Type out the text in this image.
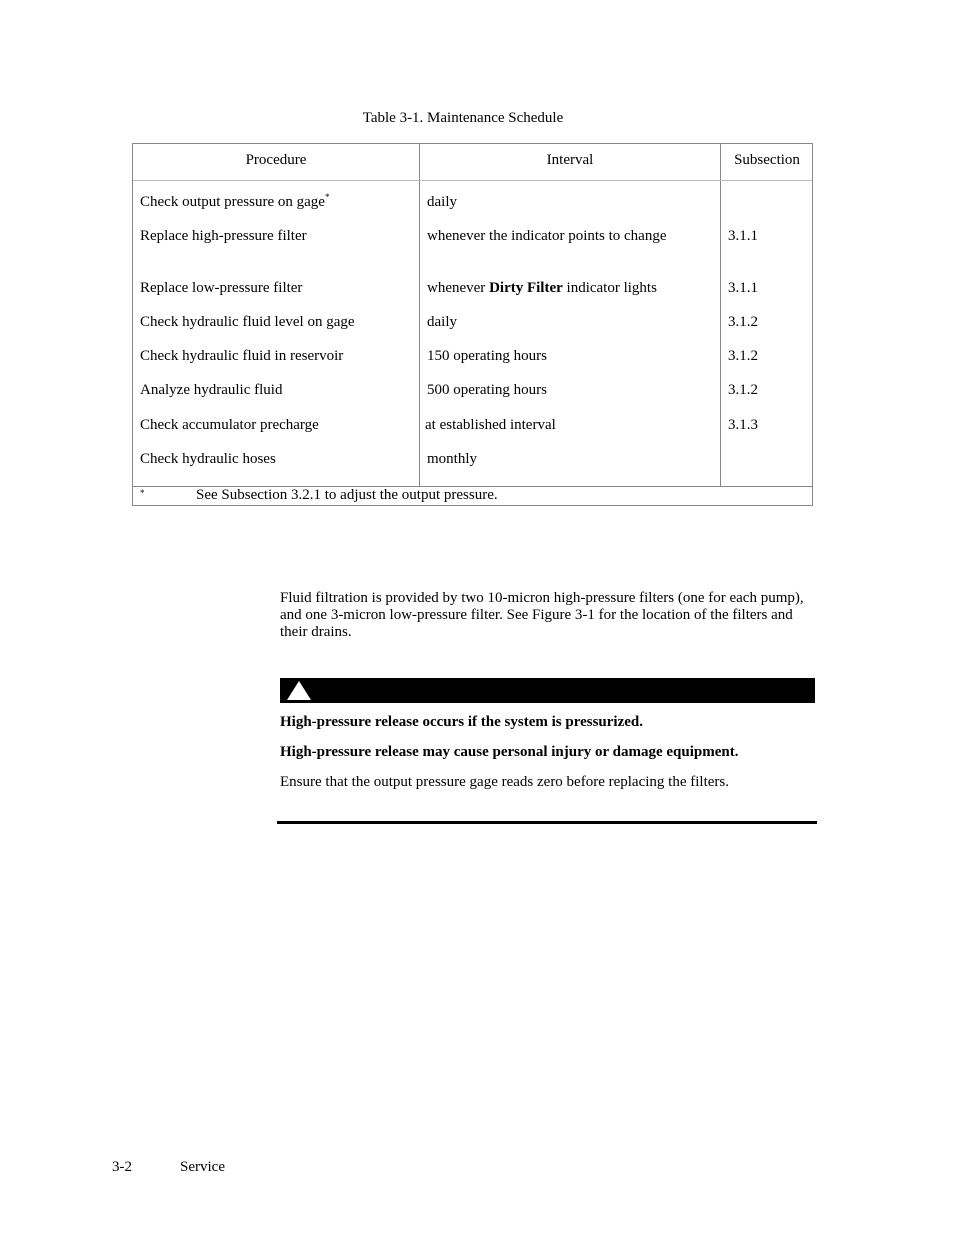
Table 3-1. Maintenance Schedule
Procedure	Interval	Subsection
Check output pressure on gage*	daily
Replace high-pressure filter	whenever the indicator points to change	3.1.1
Replace low-pressure filter	whenever Dirty Filter indicator lights	3.1.1
Check hydraulic fluid level on gage	daily	3.1.2
Check hydraulic fluid in reservoir	150 operating hours	3.1.2
Analyze hydraulic fluid	500 operating hours	3.1.2
Check accumulator precharge	at established interval	3.1.3
Check hydraulic hoses	monthly
*	See Subsection 3.2.1 to adjust the output pressure.
Fluid filtration is provided by two 10-micron high-pressure filters (one for each pump), and one 3-micron low-pressure filter. See Figure 3-1 for the location of the filters and their drains.
High-pressure release occurs if the system is pressurized.
High-pressure release may cause personal injury or damage equipment.
Ensure that the output pressure gage reads zero before replacing the filters.
3-2	Service
